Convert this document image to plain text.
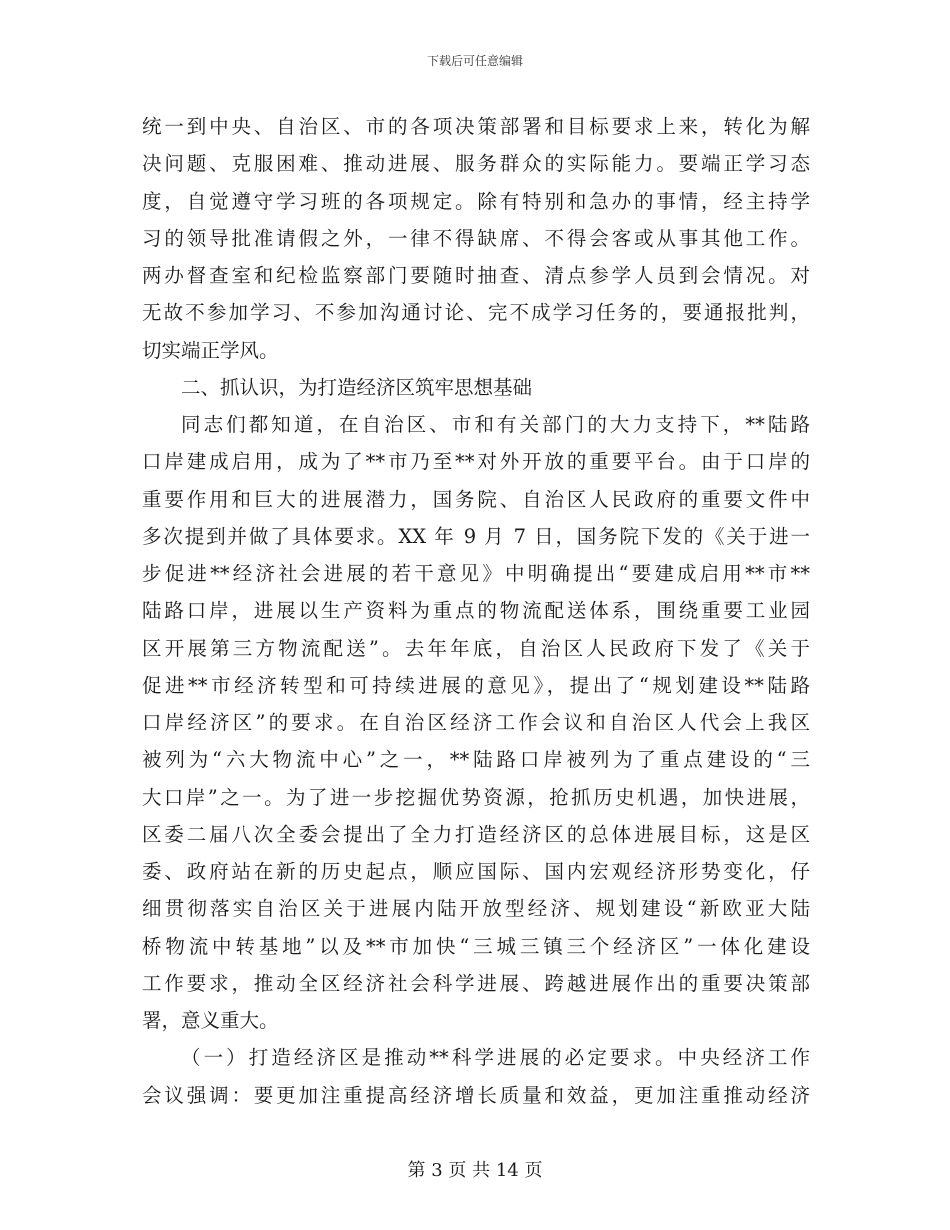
下载后可任意编辑
统一到中央、自治区、市的各项决策部署和目标要求上来，转化为解
决问题、克服困难、推动进展、服务群众的实际能力。要端正学习态
度，自觉遵守学习班的各项规定。除有特别和急办的事情，经主持学
习的领导批准请假之外，一律不得缺席、不得会客或从事其他工作。
两办督查室和纪检监察部门要随时抽查、清点参学人员到会情况。对
无故不参加学习、不参加沟通讨论、完不成学习任务的，要通报批判，
切实端正学风。
二、抓认识，为打造经济区筑牢思想基础
同志们都知道，在自治区、市和有关部门的大力支持下，**陆路
口岸建成启用，成为了**市乃至**对外开放的重要平台。由于口岸的
重要作用和巨大的进展潜力，国务院、自治区人民政府的重要文件中
多次提到并做了具体要求。XX 年 9 月 7 日，国务院下发的《关于进一
步促进**经济社会进展的若干意见》中明确提出“要建成启用**市**
陆路口岸，进展以生产资料为重点的物流配送体系，围绕重要工业园
区开展第三方物流配送”。去年年底，自治区人民政府下发了《关于
促进**市经济转型和可持续进展的意见》，提出了“规划建设**陆路
口岸经济区”的要求。在自治区经济工作会议和自治区人代会上我区
被列为“六大物流中心”之一，**陆路口岸被列为了重点建设的“三
大口岸”之一。为了进一步挖掘优势资源，抢抓历史机遇，加快进展，
区委二届八次全委会提出了全力打造经济区的总体进展目标，这是区
委、政府站在新的历史起点，顺应国际、国内宏观经济形势变化，仔
细贯彻落实自治区关于进展内陆开放型经济、规划建设“新欧亚大陆
桥物流中转基地”以及**市加快“三城三镇三个经济区”一体化建设
工作要求，推动全区经济社会科学进展、跨越进展作出的重要决策部
署，意义重大。
（一）打造经济区是推动**科学进展的必定要求。中央经济工作
会议强调：要更加注重提高经济增长质量和效益，更加注重推动经济
第 3 页 共 14 页
